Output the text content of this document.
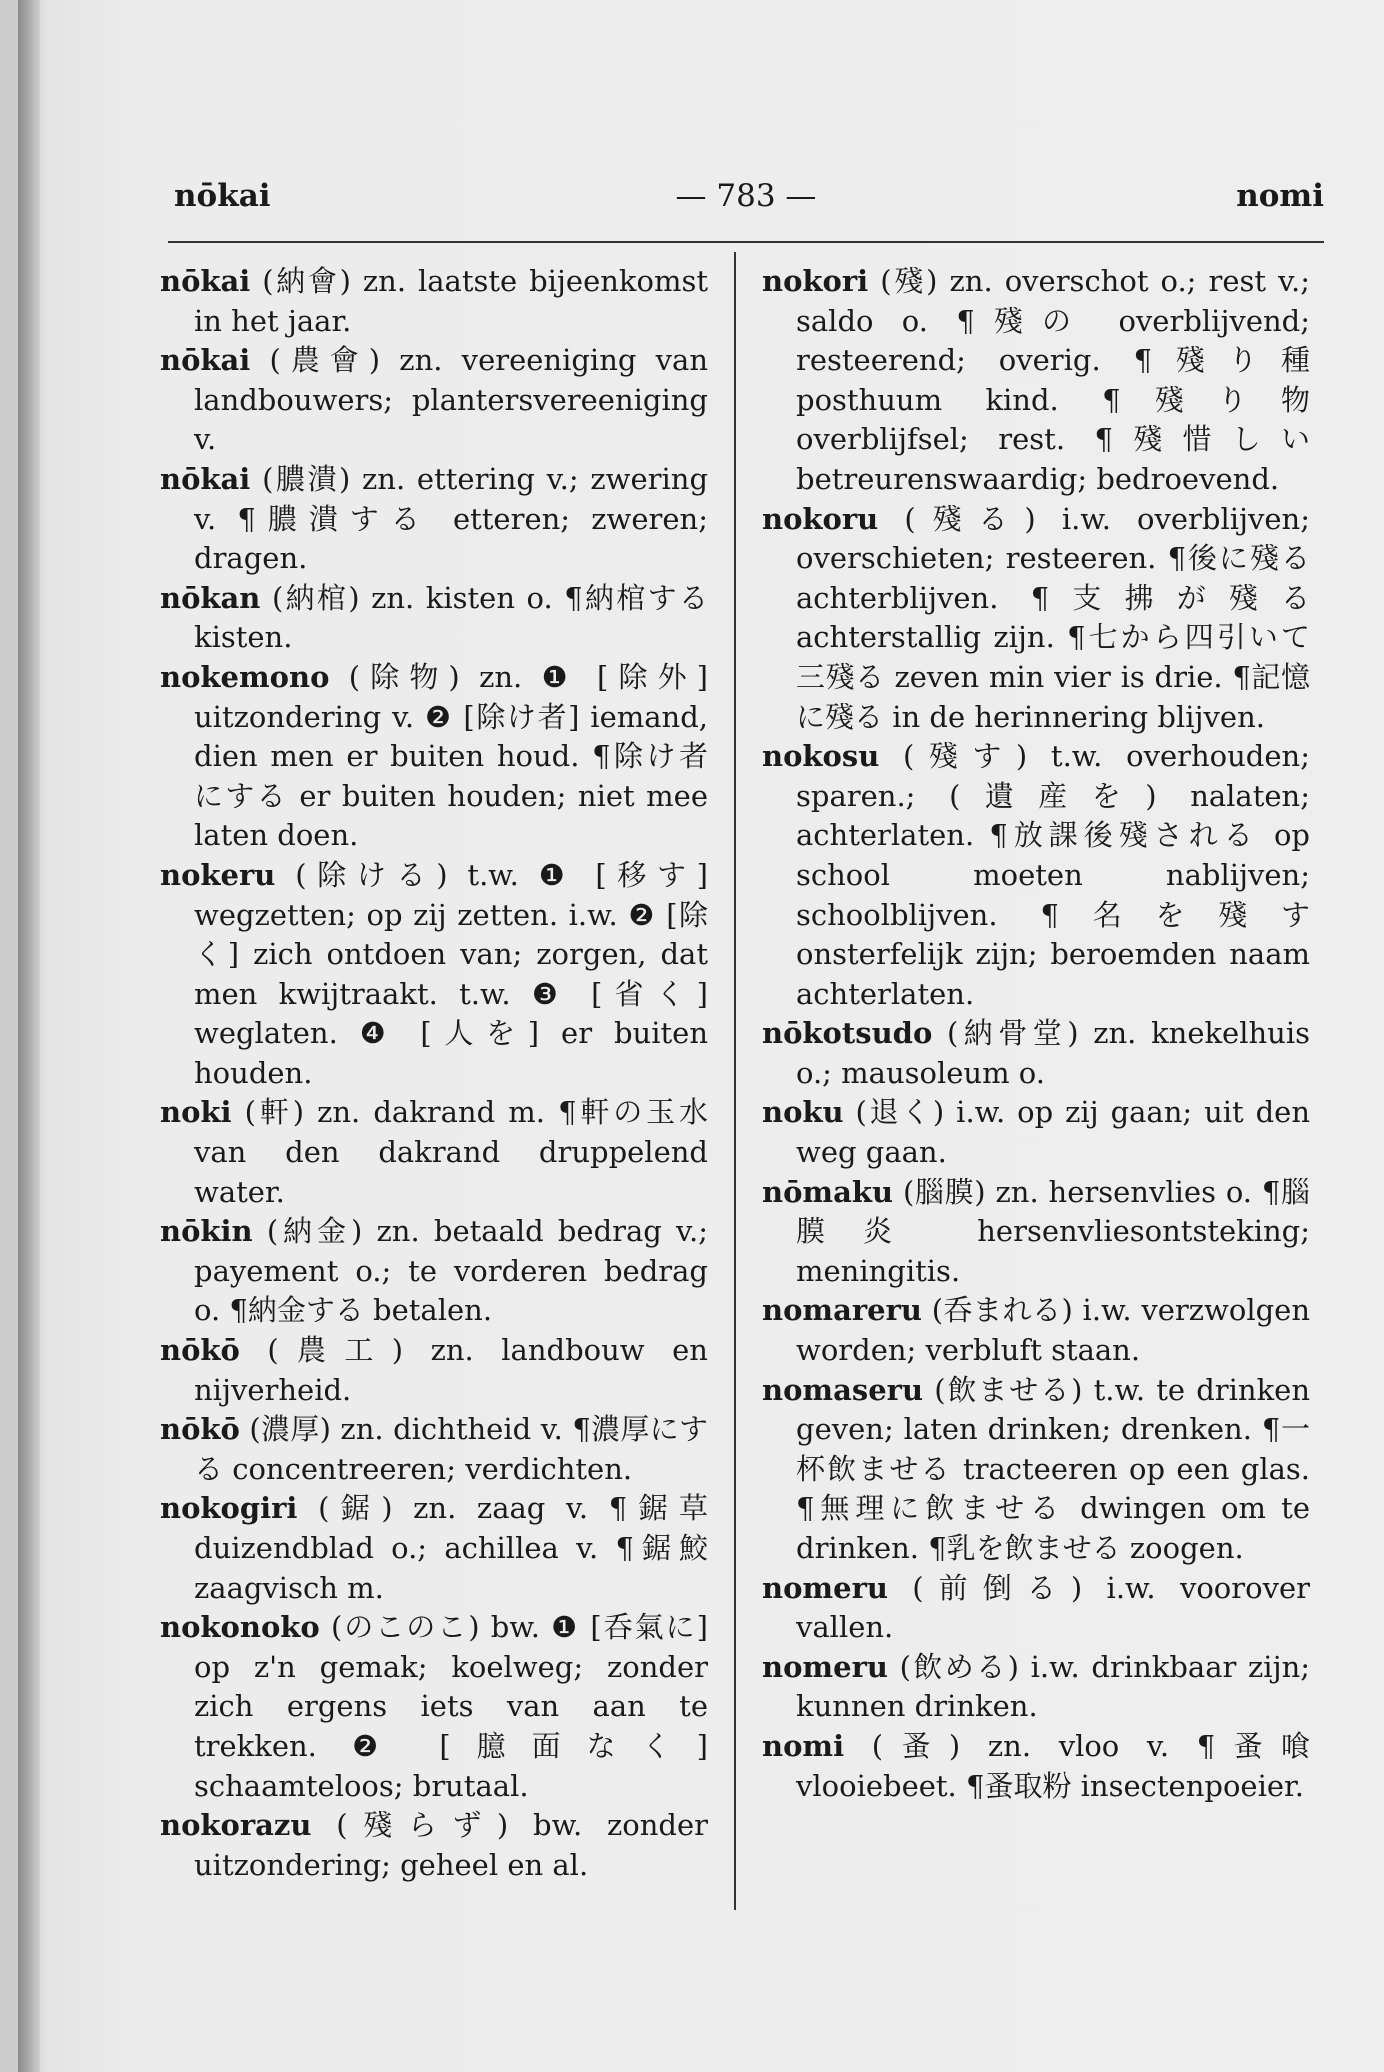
nōkai	— 783 —	nomi

nōkai (納會) zn. laatste bijeenkomst in het jaar.

nōkai (農會) zn. vereeniging van landbouwers; plantersvereeniging v.

nōkai (膿潰) zn. ettering v.; zwering v. ¶膿潰する etteren; zweren; dragen.

nōkan (納棺) zn. kisten o. ¶納棺する kisten.

nokemono (除物) zn. ❶ [除外] uitzondering v. ❷ [除け者] iemand, dien men er buiten houd. ¶除け者にする er buiten houden; niet mee laten doen.

nokeru (除ける) t.w. ❶ [移す] wegzetten; op zij zetten. i.w. ❷ [除く] zich ontdoen van; zorgen, dat men kwijtraakt. t.w. ❸ [省く] weglaten. ❹ [人を] er buiten houden.

noki (軒) zn. dakrand m. ¶軒の玉水 van den dakrand druppelend water.

nōkin (納金) zn. betaald bedrag v.; payement o.; te vorderen bedrag o. ¶納金する betalen.

nōkō (農工) zn. landbouw en nijverheid.

nōkō (濃厚) zn. dichtheid v. ¶濃厚にする concentreeren; verdichten.

nokogiri (鋸) zn. zaag v. ¶鋸草 duizendblad o.; achillea v. ¶鋸鮫 zaagvisch m.

nokonoko (のこのこ) bw. ❶ [呑氣に] op z'n gemak; koelweg; zonder zich ergens iets van aan te trekken. ❷ [臆面なく] schaamteloos; brutaal.

nokorazu (殘らず) bw. zonder uitzondering; geheel en al.

nokori (殘) zn. overschot o.; rest v.; saldo o. ¶殘の overblijvend; resteerend; overig. ¶殘り種 posthuum kind. ¶殘り物 overblijfsel; rest. ¶殘惜しい betreurenswaardig; bedroevend.

nokoru (殘る) i.w. overblijven; overschieten; resteeren. ¶後に殘る achterblijven. ¶支拂が殘る achterstallig zijn. ¶七から四引いて三殘る zeven min vier is drie. ¶記憶に殘る in de herinnering blijven.

nokosu (殘す) t.w. overhouden; sparen.; (遺産を) nalaten; achterlaten. ¶放課後殘される op school moeten nablijven; schoolblijven. ¶名を殘す onsterfelijk zijn; beroemden naam achterlaten.

nōkotsudo (納骨堂) zn. knekelhuis o.; mausoleum o.

noku (退く) i.w. op zij gaan; uit den weg gaan.

nōmaku (腦膜) zn. hersenvlies o. ¶腦膜炎 hersenvliesontsteking; meningitis.

nomareru (呑まれる) i.w. verzwolgen worden; verbluft staan.

nomaseru (飲ませる) t.w. te drinken geven; laten drinken; drenken. ¶一杯飲ませる tracteeren op een glas. ¶無理に飲ませる dwingen om te drinken. ¶乳を飲ませる zoogen.

nomeru (前倒る) i.w. voorover vallen.

nomeru (飲める) i.w. drinkbaar zijn; kunnen drinken.

nomi (蚤) zn. vloo v. ¶蚤喰 vlooiebeet. ¶蚤取粉 insectenpoeier.
